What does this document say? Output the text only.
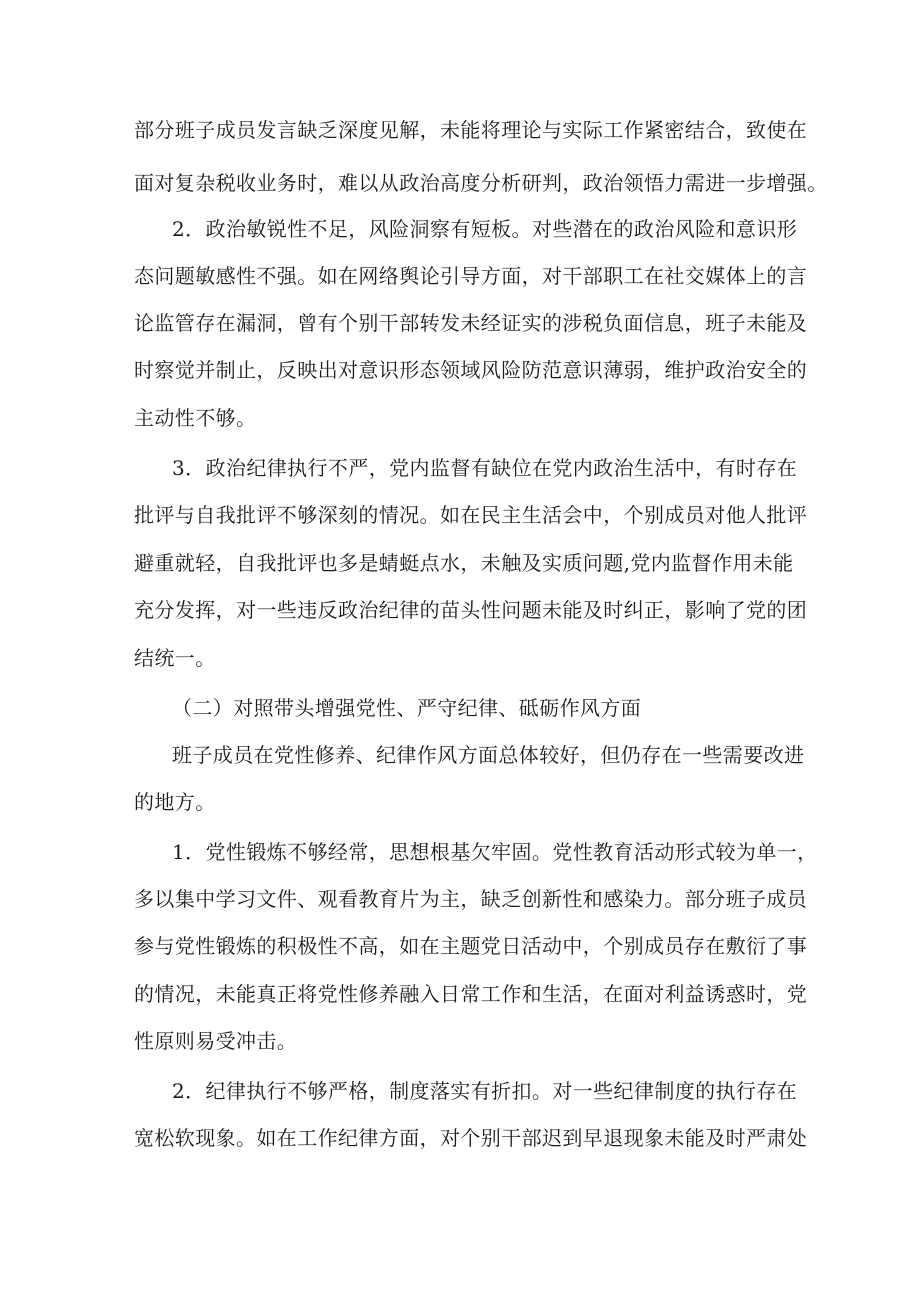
部分班子成员发言缺乏深度见解，未能将理论与实际工作紧密结合，致使在
面对复杂税收业务时，难以从政治高度分析研判，政治领悟力需进一步增强。
2．政治敏锐性不足，风险洞察有短板。对些潜在的政治风险和意识形
态问题敏感性不强。如在网络舆论引导方面，对干部职工在社交媒体上的言
论监管存在漏洞，曾有个别干部转发未经证实的涉税负面信息，班子未能及
时察觉并制止，反映出对意识形态领域风险防范意识薄弱，维护政治安全的
主动性不够。
3．政治纪律执行不严，党内监督有缺位在党内政治生活中，有时存在
批评与自我批评不够深刻的情况。如在民主生活会中，个别成员对他人批评
避重就轻，自我批评也多是蜻蜓点水，未触及实质问题,党内监督作用未能
充分发挥，对一些违反政治纪律的苗头性问题未能及时纠正，影响了党的团
结统一。
（二）对照带头增强党性、严守纪律、砥砺作风方面
班子成员在党性修养、纪律作风方面总体较好，但仍存在一些需要改进
的地方。
1．党性锻炼不够经常，思想根基欠牢固。党性教育活动形式较为单一，
多以集中学习文件、观看教育片为主，缺乏创新性和感染力。部分班子成员
参与党性锻炼的积极性不高，如在主题党日活动中，个别成员存在敷衍了事
的情况，未能真正将党性修养融入日常工作和生活，在面对利益诱惑时，党
性原则易受冲击。
2．纪律执行不够严格，制度落实有折扣。对一些纪律制度的执行存在
宽松软现象。如在工作纪律方面，对个别干部迟到早退现象未能及时严肃处
